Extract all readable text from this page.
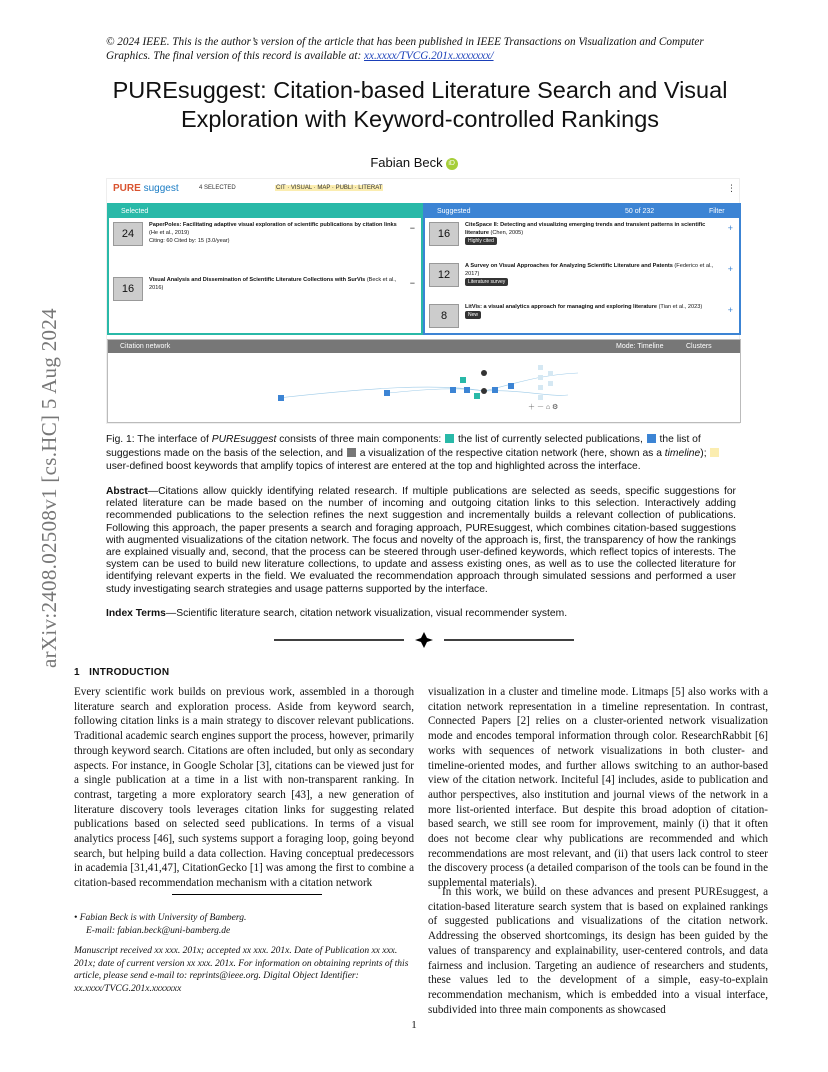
© 2024 IEEE. This is the author’s version of the article that has been published in IEEE Transactions on Visualization and Computer Graphics. The final version of this record is available at: xx.xxxx/TVCG.201x.xxxxxxx/
PUREsuggest: Citation-based Literature Search and Visual Exploration with Keyword-controlled Rankings
Fabian Beck iD
arXiv:2408.02508v1 [cs.HC] 5 Aug 2024
PURE suggest	4 SELECTED	CIT · VISUAL · MAP · PUBLI · LITERAT	⋮
Selected
24
PaperPoles: Facilitating adaptive visual exploration of scientific publications by citation links (He et al., 2019)
Citing: 60 Cited by: 15 (3.0/year)
−
16
Visual Analysis and Dissemination of Scientific Literature Collections with SurVis (Beck et al., 2016)	−
Suggested	50 of 232	Filter
16
CiteSpace II: Detecting and visualizing emerging trends and transient patterns in scientific literature (Chen, 2005)
Highly cited
+
12
A Survey on Visual Approaches for Analyzing Scientific Literature and Patents (Federico et al., 2017)
Literature survey
+
8
LitVis: a visual analytics approach for managing and exploring literature (Tian et al., 2023)
New	+
Citation network	Mode: Timeline	Clusters
＋ － ⌂ ⚙
Fig. 1: The interface of PUREsuggest consists of three main components:  the list of currently selected publications,  the list of suggestions made on the basis of the selection, and  a visualization of the respective citation network (here, shown as a timeline);  user-defined boost keywords that amplify topics of interest are entered at the top and highlighted across the interface.
Abstract—Citations allow quickly identifying related research. If multiple publications are selected as seeds, specific suggestions for related literature can be made based on the number of incoming and outgoing citation links to this selection. Interactively adding recommended publications to the selection refines the next suggestion and incrementally builds a relevant collection of publications. Following this approach, the paper presents a search and foraging approach, PUREsuggest, which combines citation-based suggestions with augmented visualizations of the citation network. The focus and novelty of the approach is, first, the transparency of how the rankings are explained visually and, second, that the process can be steered through user-defined keywords, which reflect topics of interests. The system can be used to build new literature collections, to update and assess existing ones, as well as to use the collected literature for identifying relevant experts in the field. We evaluated the recommendation approach through simulated sessions and performed a user study investigating search strategies and usage patterns supported by the interface.
Index Terms—Scientific literature search, citation network visualization, visual recommender system.
1 INTRODUCTION
Every scientific work builds on previous work, assembled in a thorough literature search and exploration process. Aside from keyword search, following citation links is a main strategy to discover relevant publications. Traditional academic search engines support the process, however, primarily through keyword search. Citations are often included, but only as secondary aspects. For instance, in Google Scholar [3], citations can be viewed just for a single publication at a time in a list with non-transparent ranking. In contrast, targeting a more exploratory search [43], a new generation of literature discovery tools leverages citation links for suggesting related publications based on selected seed publications. In terms of a visual analytics process [46], such systems support a foraging loop, going beyond search, but helping build a data collection. Having conceptual predecessors in academia [31,41,47], CitationGecko [1] was among the first to combine a citation-based recommendation mechanism with a citation network
visualization in a cluster and timeline mode. Litmaps [5] also works with a citation network representation in a timeline representation. In contrast, Connected Papers [2] relies on a cluster-oriented network visualization mode and encodes temporal information through color. ResearchRabbit [6] works with sequences of network visualizations in both cluster- and timeline-oriented modes, and further allows switching to an author-based view of the citation network. Inciteful [4] includes, aside to publication and author perspectives, also institution and journal views of the network in a more list-oriented interface. But despite this broad adoption of citation-based search, we still see room for improvement, mainly (i) that it often does not become clear why publications are recommended and which recommendations are most relevant, and (ii) that users lack control to steer the discovery process (a detailed comparison of the tools can be found in the supplemental materials).
In this work, we build on these advances and present PUREsuggest, a citation-based literature search system that is based on explained rankings of suggested publications and visualizations of the citation network. Addressing the observed shortcomings, its design has been guided by the values of transparency and explainability, user-centered controls, and data fairness and inclusion. Targeting an audience of researchers and students, these values led to the development of a simple, easy-to-explain recommendation mechanism, which is embedded into a visual interface, subdivided into three main components as showcased
• Fabian Beck is with University of Bamberg.
E-mail: fabian.beck@uni-bamberg.de
Manuscript received xx xxx. 201x; accepted xx xxx. 201x. Date of Publication xx xxx. 201x; date of current version xx xxx. 201x. For information on obtaining reprints of this article, please send e-mail to: reprints@ieee.org. Digital Object Identifier: xx.xxxx/TVCG.201x.xxxxxxx
1
